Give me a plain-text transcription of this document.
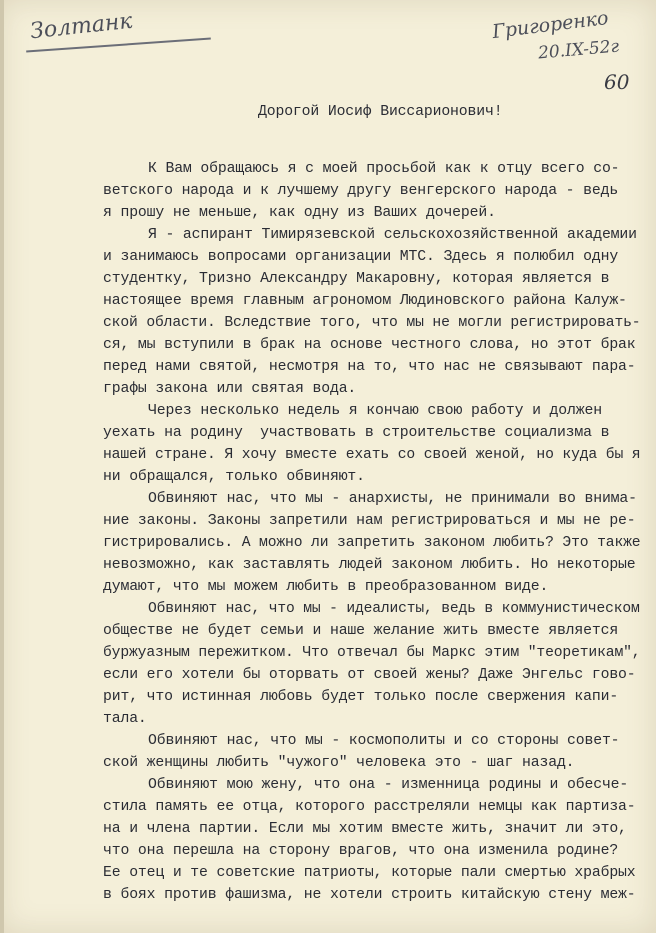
Золтанк	Григоренко
20.IX-52г
60
Дорогой Иосиф Виссарионович!
К Вам обращаюсь я с моей просьбой как к отцу всего со-
ветского народа и к лучшему другу венгерского народа - ведь
я прошу не меньше, как одну из Ваших дочерей.
Я - аспирант Тимирязевской сельскохозяйственной академии
и занимаюсь вопросами организации МТС. Здесь я полюбил одну
студентку, Тризно Александру Макаровну, которая является в
настоящее время главным агрономом Людиновского района Калуж-
ской области. Вследствие того, что мы не могли регистрировать-
ся, мы вступили в брак на основе честного слова, но этот брак
перед нами святой, несмотря на то, что нас не связывают пара-
графы закона или святая вода.
Через несколько недель я кончаю свою работу и должен
уехать на родину  участвовать в строительстве социализма в
нашей стране. Я хочу вместе ехать со своей женой, но куда бы я
ни обращался, только обвиняют.
Обвиняют нас, что мы - анархисты, не принимали во внима-
ние законы. Законы запретили нам регистрироваться и мы не ре-
гистрировались. А можно ли запретить законом любить? Это также
невозможно, как заставлять людей законом любить. Но некоторые
думают, что мы можем любить в преобразованном виде.
Обвиняют нас, что мы - идеалисты, ведь в коммунистическом
обществе не будет семьи и наше желание жить вместе является
буржуазным пережитком. Что отвечал бы Маркс этим "теоретикам",
если его хотели бы оторвать от своей жены? Даже Энгельс гово-
рит, что истинная любовь будет только после свержения капи-
тала.
Обвиняют нас, что мы - космополиты и со стороны совет-
ской женщины любить "чужого" человека это - шаг назад.
Обвиняют мою жену, что она - изменница родины и обесче-
стила память ее отца, которого расстреляли немцы как партиза-
на и члена партии. Если мы хотим вместе жить, значит ли это,
что она перешла на сторону врагов, что она изменила родине?
Ее отец и те советские патриоты, которые пали смертью храбрых
в боях против фашизма, не хотели строить китайскую стену меж-
